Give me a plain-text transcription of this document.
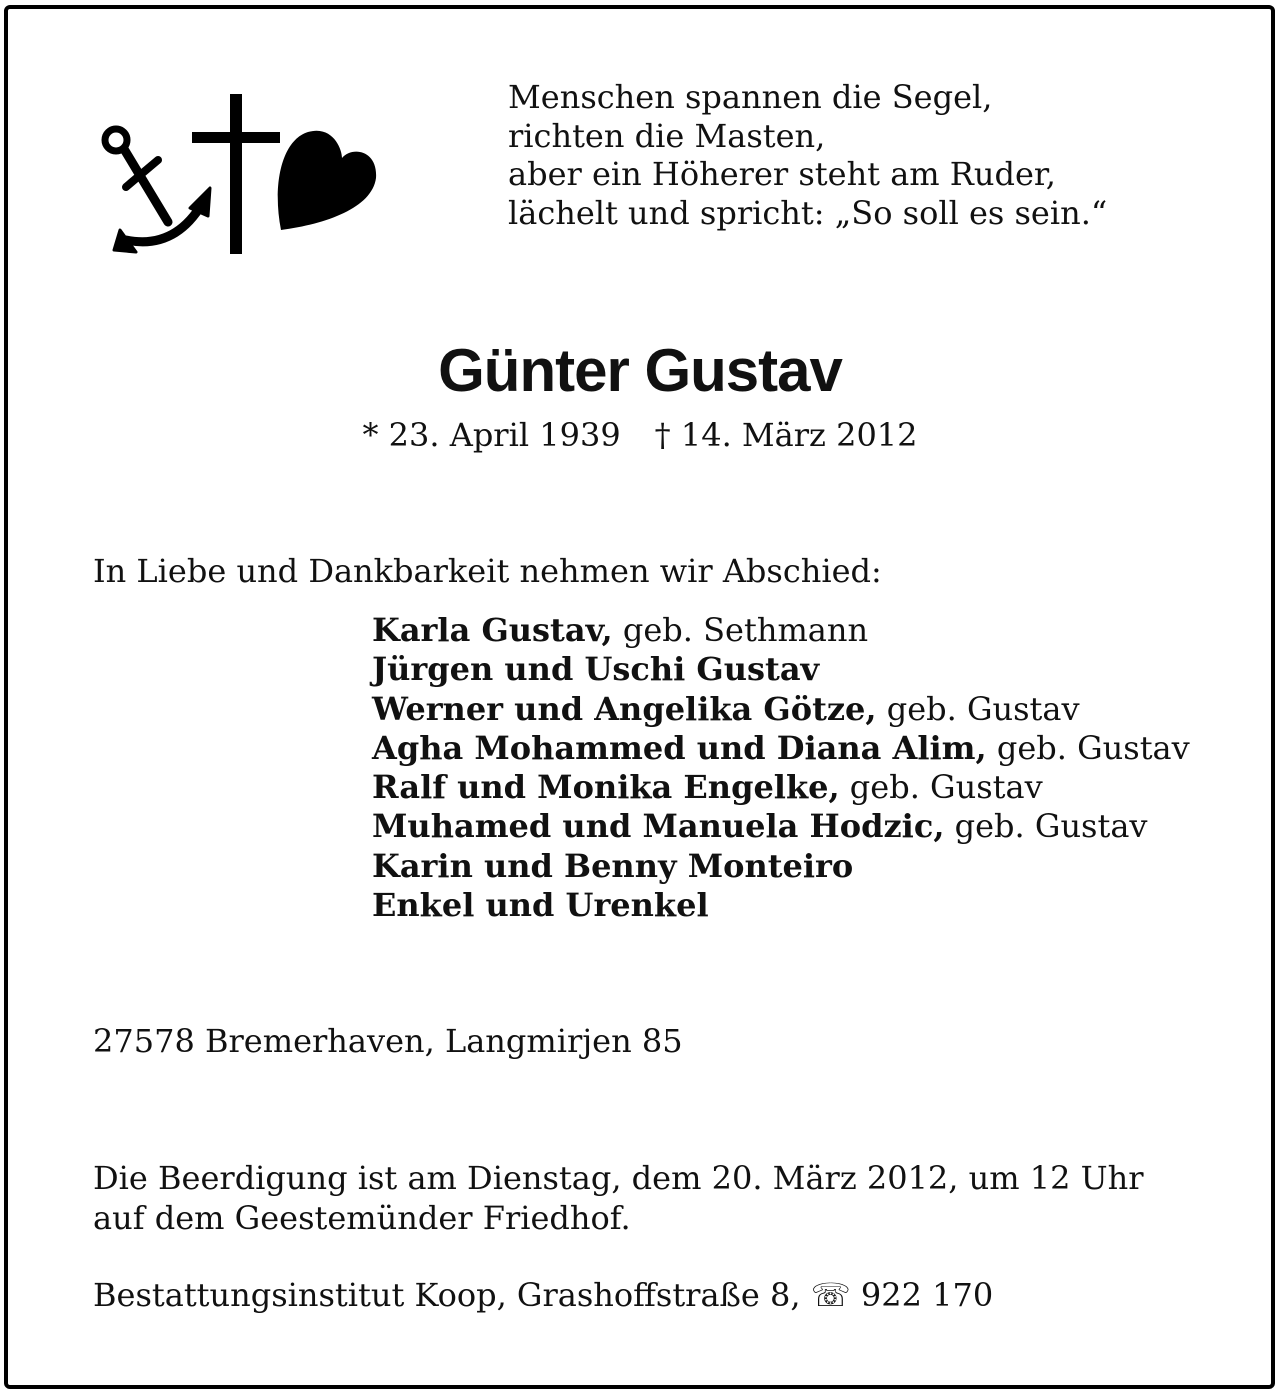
Menschen spannen die Segel,
richten die Masten,
aber ein Höherer steht am Ruder,
lächelt und spricht: „So soll es sein.“
Günter Gustav
* 23. April 1939 † 14. März 2012
In Liebe und Dankbarkeit nehmen wir Abschied:
Karla Gustav, geb. Sethmann
Jürgen und Uschi Gustav
Werner und Angelika Götze, geb. Gustav
Agha Mohammed und Diana Alim, geb. Gustav
Ralf und Monika Engelke, geb. Gustav
Muhamed und Manuela Hodzic, geb. Gustav
Karin und Benny Monteiro
Enkel und Urenkel
27578 Bremerhaven, Langmirjen 85
Die Beerdigung ist am Dienstag, dem 20. März 2012, um 12 Uhr
auf dem Geestemünder Friedhof.
Bestattungsinstitut Koop, Grashoffstraße 8, ☏ 922 170
